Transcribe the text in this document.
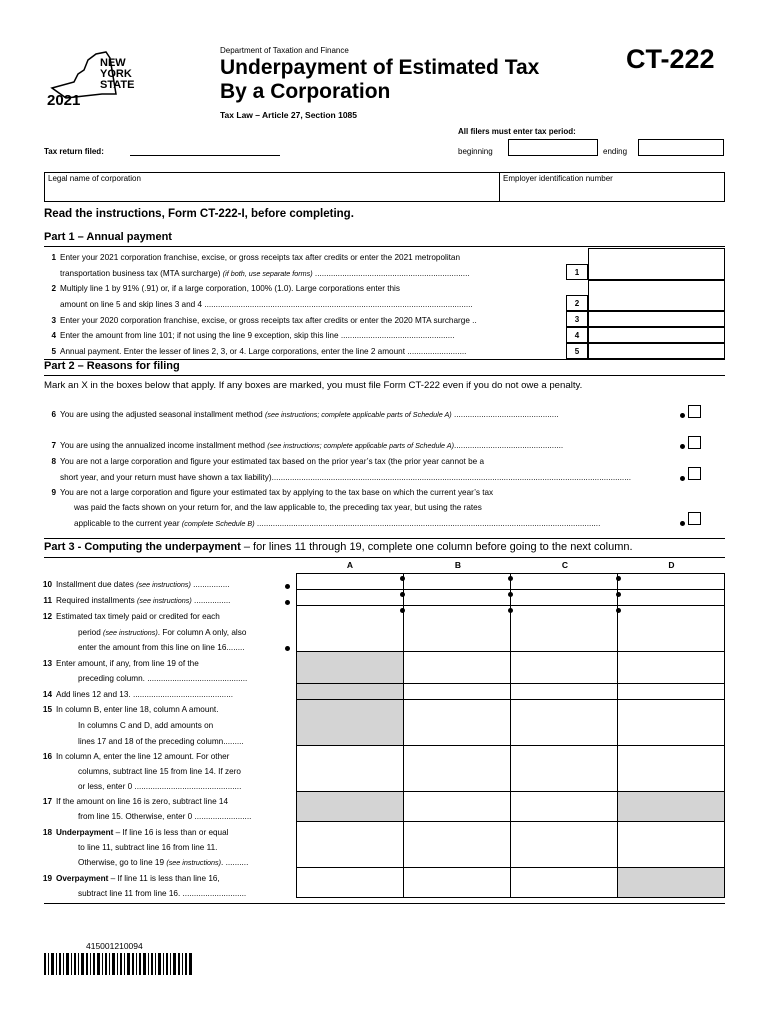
NEW
YORK
STATE
2021
Department of Taxation and Finance
Underpayment of Estimated Tax
By a Corporation
CT-222
Tax Law – Article 27, Section 1085
All filers must enter tax period:
beginning	ending
Tax return filed:
Legal name of corporation	Employer identification number
Read the instructions, Form CT-222-I, before completing.
Part 1 – Annual payment
1 Enter your 2021 corporation franchise, excise, or gross receipts tax after credits or enter the 2021 metropolitan
transportation business tax (MTA surcharge) (if both, use separate forms) ....................................................................
2 Multiply line 1 by 91% (.91) or, if a large corporation, 100% (1.0). Large corporations enter this
amount on line 5 and skip lines 3 and 4 ......................................................................................................................
3 Enter your 2020 corporation franchise, excise, or gross receipts tax after credits or enter the 2020 MTA surcharge ..
4 Enter the amount from line 101; if not using the line 9 exception, skip this line ..................................................
5 Annual payment. Enter the lesser of lines 2, 3, or 4. Large corporations, enter the line 2 amount ..........................
1
2
3
4
5
Part 2 – Reasons for filing
Mark an X in the boxes below that apply. If any boxes are marked, you must file Form CT-222 even if you do not owe a penalty.
6 You are using the adjusted seasonal installment method (see instructions; complete applicable parts of Schedule A) ..............................................
7 You are using the annualized income installment method (see instructions; complete applicable parts of Schedule A)................................................
8 You are not a large corporation and figure your estimated tax based on the prior year’s tax (the prior year cannot be a
short year, and your return must have shown a tax liability)..............................................................................................................................................................
9 You are not a large corporation and figure your estimated tax by applying to the tax base on which the current year’s tax
was paid the facts shown on your return for, and the law applicable to, the preceding tax year, but using the rates
applicable to the current year (complete Schedule B) .......................................................................................................................................................
Part 3 - Computing the underpayment – for lines 11 through 19, complete one column before going to the next column.
A	B	C	D

10 Installment due dates (see instructions) ................
11 Required installments (see instructions) ................
12 Estimated tax timely paid or credited for each
period (see instructions). For column A only, also
enter the amount from this line on line 16........
13 Enter amount, if any, from line 19 of the
preceding column. ............................................
14 Add lines 12 and 13. ............................................
15 In column B, enter line 18, column A amount.
In columns C and D, add amounts on
lines 17 and 18 of the preceding column.........
16 In column A, enter the line 12 amount. For other
columns, subtract line 15 from line 14. If zero
or less, enter 0 ...............................................
17 If the amount on line 16 is zero, subtract line 14
from line 15. Otherwise, enter 0 .........................
18 Underpayment – If line 16 is less than or equal
to line 11, subtract line 16 from line 11.
Otherwise, go to line 19 (see instructions). ..........
19 Overpayment – If line 11 is less than line 16,
subtract line 11 from line 16. ............................
415001210094
